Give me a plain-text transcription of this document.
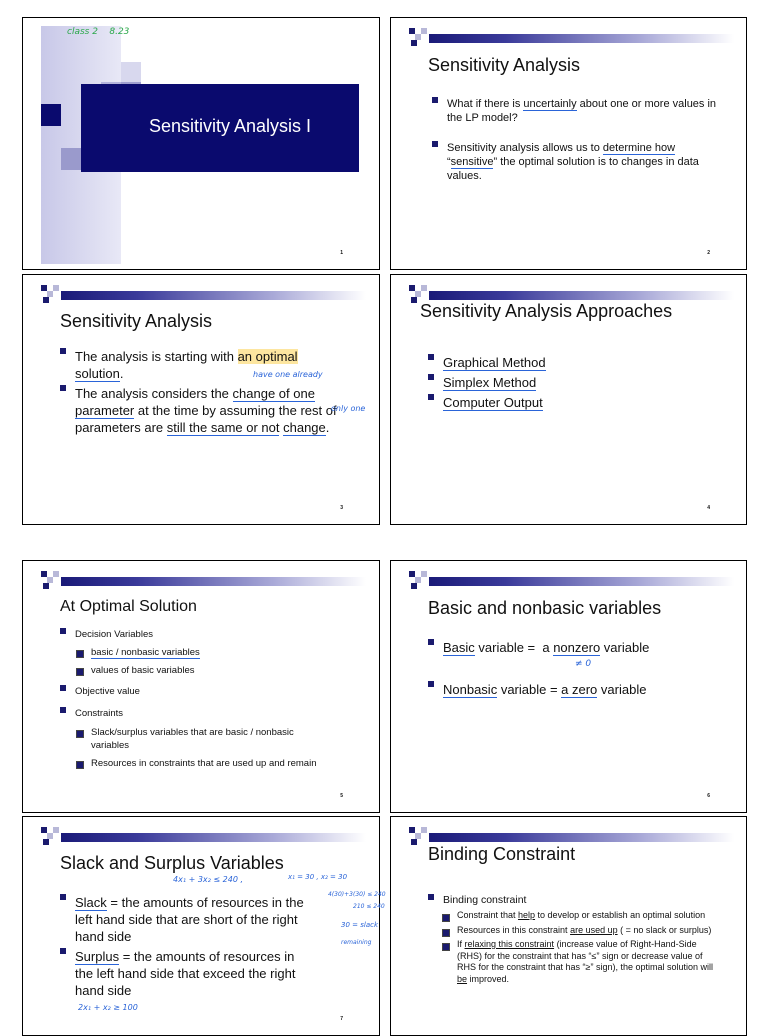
Sensitivity Analysis I
class 2    8.23
1
Sensitivity Analysis
What if there is uncertainly about one or more values in the LP model?
Sensitivity analysis allows us to determine how “sensitive” the optimal solution is to changes in data values.
2
Sensitivity Analysis
The analysis is starting with an optimal solution.
The analysis considers the change of one parameter at the time by assuming the rest of parameters are still the same or not change.
have one already
only one
3
Sensitivity Analysis Approaches
Graphical Method
Simplex Method
Computer Output
4
At Optimal Solution
Decision Variables
basic / nonbasic variables
values of basic variables
Objective value
Constraints
Slack/surplus variables that are basic / nonbasic variables
Resources in constraints that are used up and remain
5
Basic and nonbasic variables
Basic variable =  a nonzero variable
Nonbasic variable = a zero variable
≠ 0
6
Slack and Surplus Variables
Slack = the amounts of resources in the left hand side that are short of the right hand side
Surplus = the amounts of resources in the left hand side that exceed the right hand side
4x₁ + 3x₂ ≤ 240 ,	x₁ = 30 , x₂ = 30
4(30)+3(30) ≤ 240
210 ≤ 240
30 = slack
remaining
2x₁ + x₂ ≥ 100
7
Binding Constraint
Binding constraint
Constraint that help to develop or establish an optimal solution
Resources in this constraint are used up ( = no slack or surplus)
If relaxing this constraint (increase value of Right-Hand-Side (RHS) for the constraint that has “≤” sign or decrease value of RHS for the constraint that has “≥” sign), the optimal solution will be improved.
